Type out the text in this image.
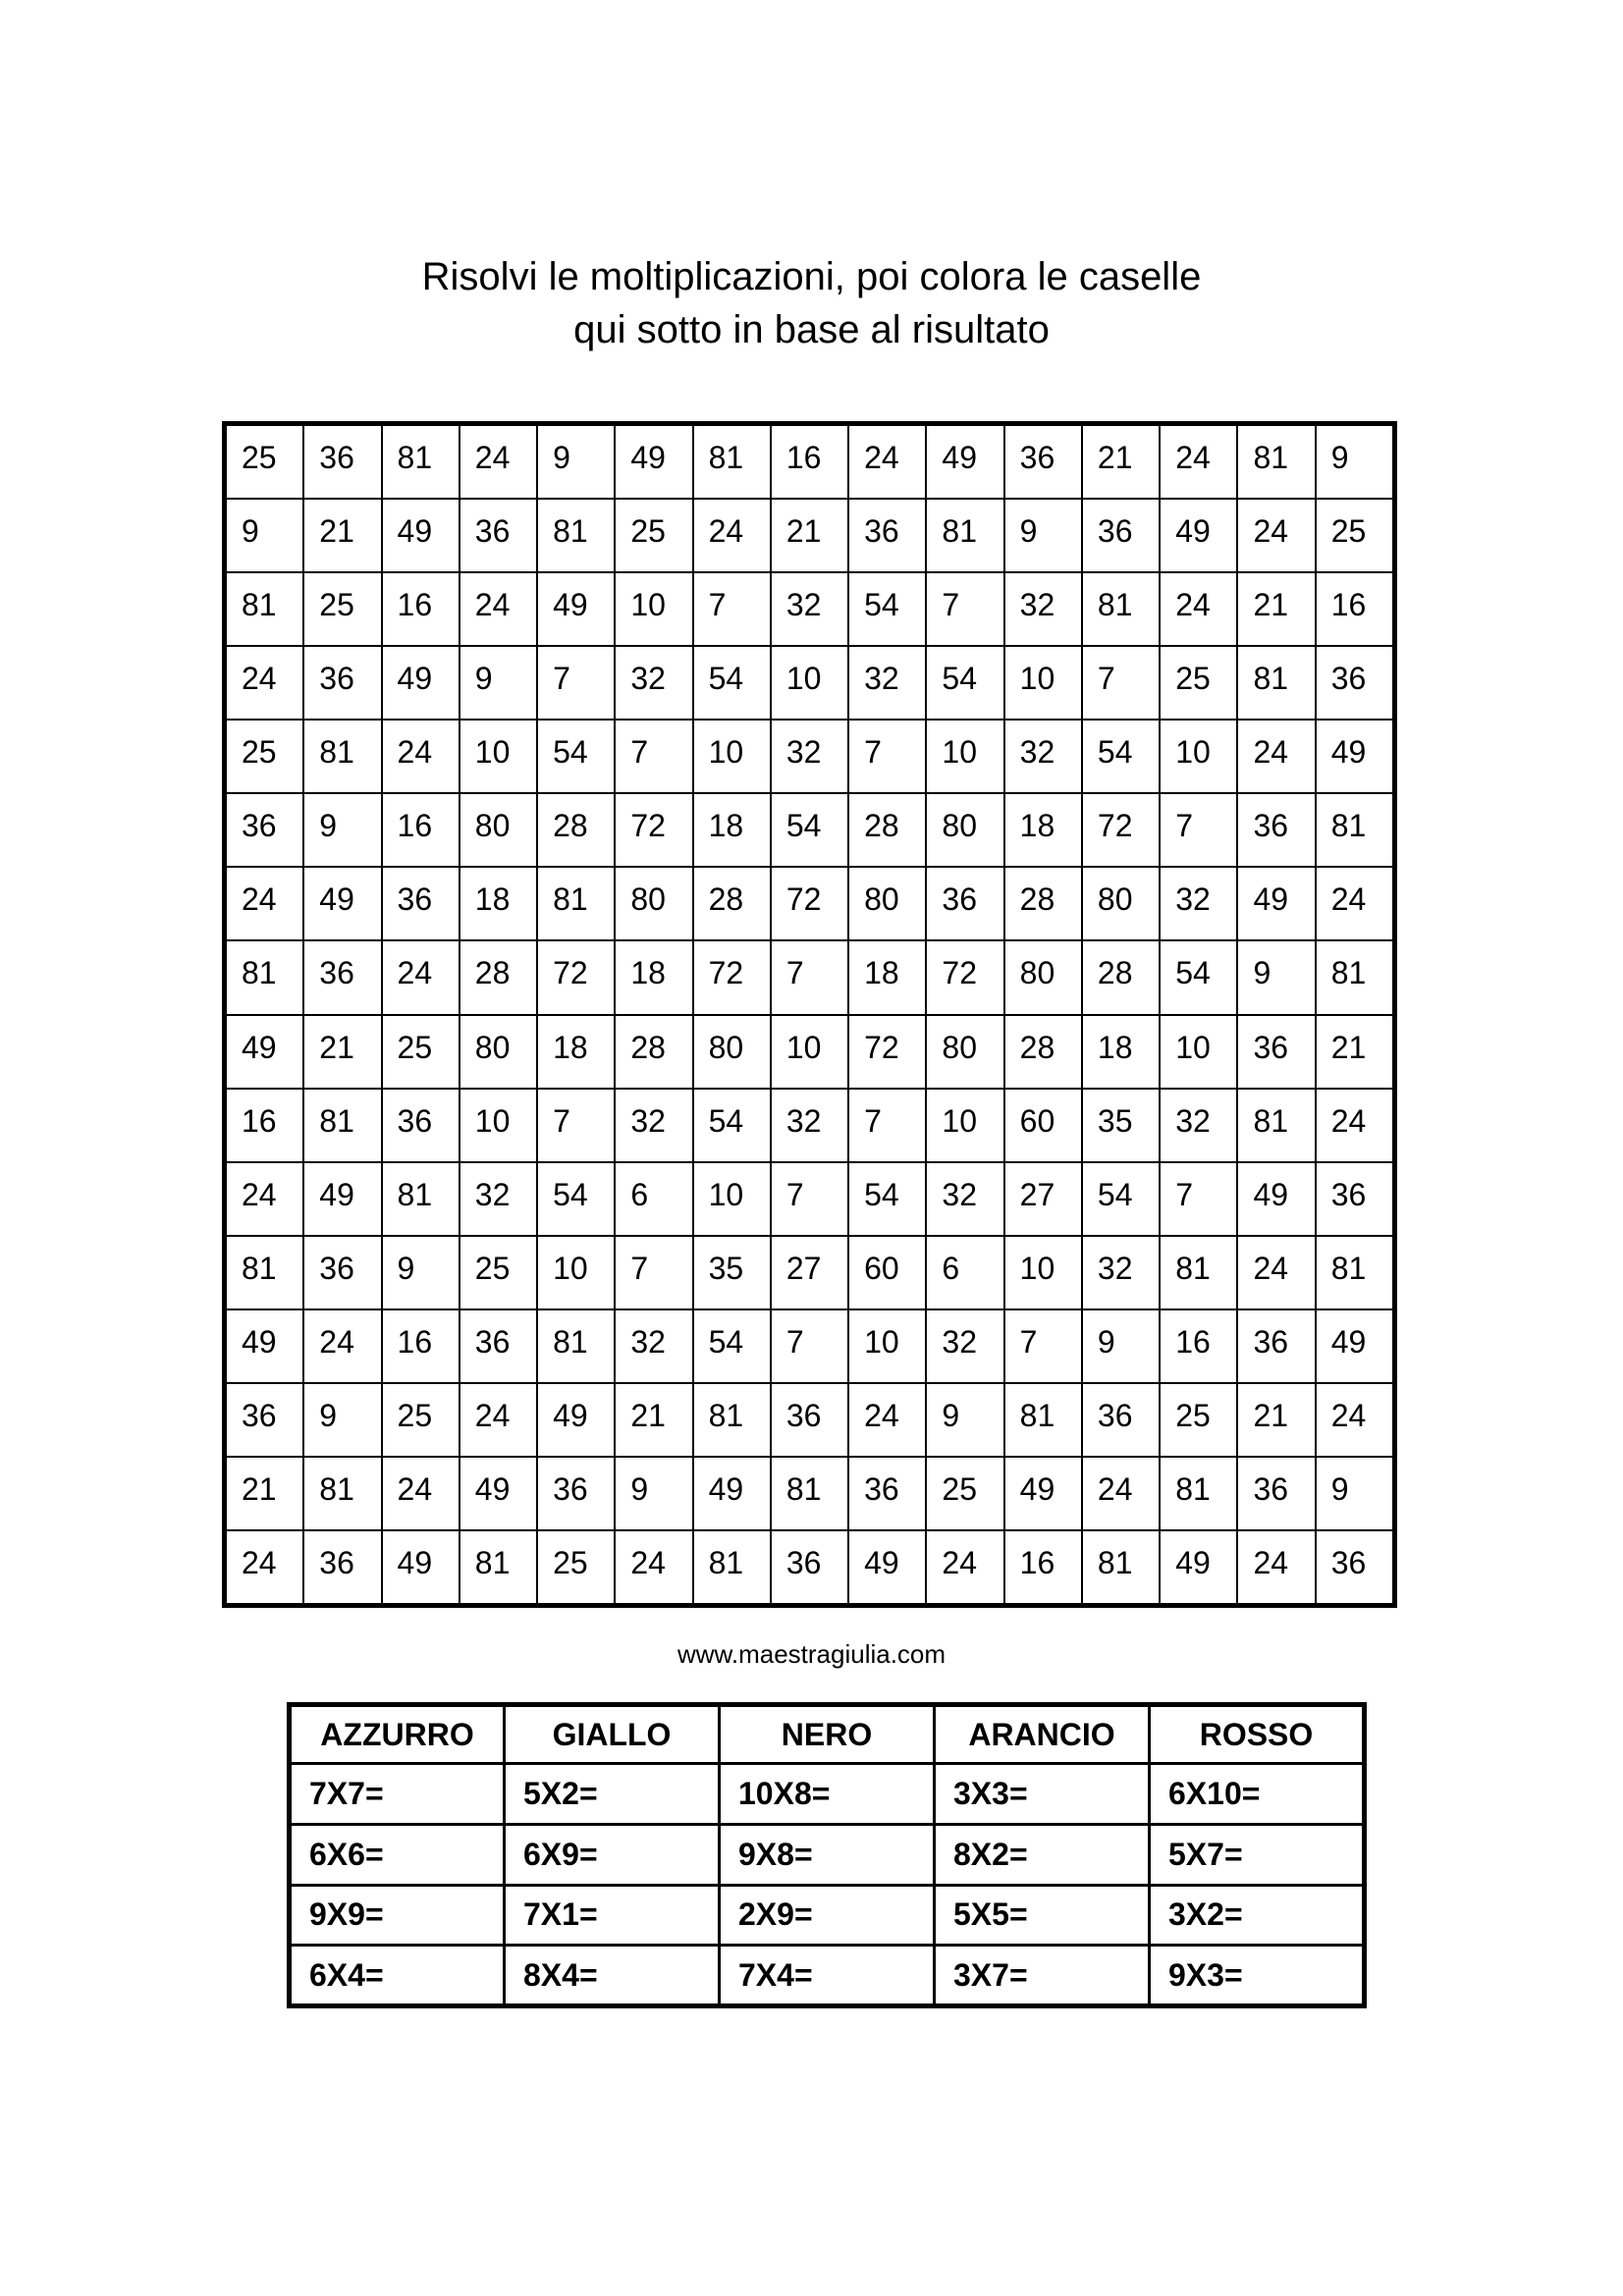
Risolvi le moltiplicazioni, poi colora le caselle
qui sotto in base al risultato
25	36	81	24	9	49	81	16	24	49	36	21	24	81	9
9	21	49	36	81	25	24	21	36	81	9	36	49	24	25
81	25	16	24	49	10	7	32	54	7	32	81	24	21	16
24	36	49	9	7	32	54	10	32	54	10	7	25	81	36
25	81	24	10	54	7	10	32	7	10	32	54	10	24	49
36	9	16	80	28	72	18	54	28	80	18	72	7	36	81
24	49	36	18	81	80	28	72	80	36	28	80	32	49	24
81	36	24	28	72	18	72	7	18	72	80	28	54	9	81
49	21	25	80	18	28	80	10	72	80	28	18	10	36	21
16	81	36	10	7	32	54	32	7	10	60	35	32	81	24
24	49	81	32	54	6	10	7	54	32	27	54	7	49	36
81	36	9	25	10	7	35	27	60	6	10	32	81	24	81
49	24	16	36	81	32	54	7	10	32	7	9	16	36	49
36	9	25	24	49	21	81	36	24	9	81	36	25	21	24
21	81	24	49	36	9	49	81	36	25	49	24	81	36	9
24	36	49	81	25	24	81	36	49	24	16	81	49	24	36
www.maestragiulia.com
AZZURRO	GIALLO	NERO	ARANCIO	ROSSO
7X7=	5X2=	10X8=	3X3=	6X10=
6X6=	6X9=	9X8=	8X2=	5X7=
9X9=	7X1=	2X9=	5X5=	3X2=
6X4=	8X4=	7X4=	3X7=	9X3=
